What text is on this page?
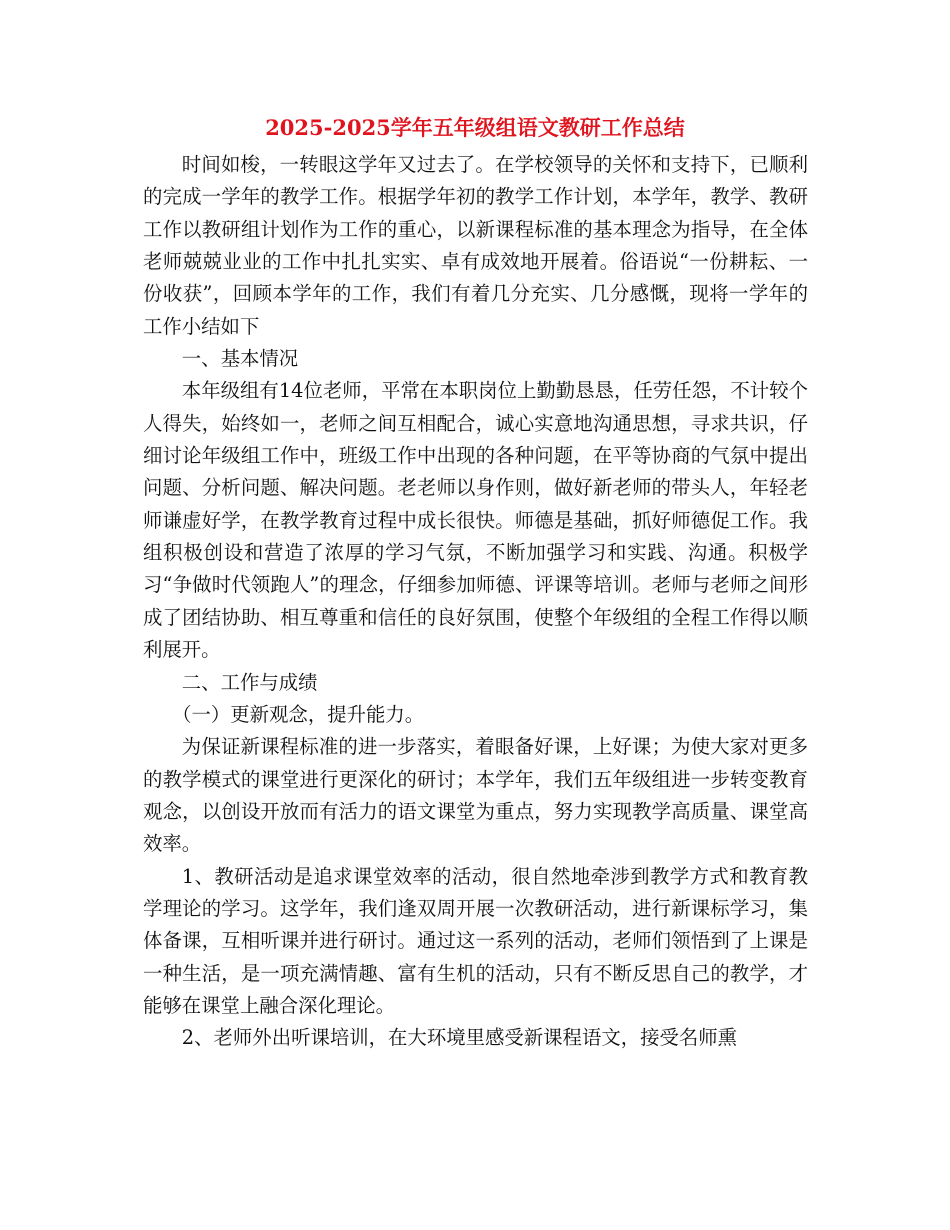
2025-2025学年五年级组语文教研工作总结

时间如梭，一转眼这学年又过去了。在学校领导的关怀和支持下，已顺利的完成一学年的教学工作。根据学年初的教学工作计划，本学年，教学、教研工作以教研组计划作为工作的重心，以新课程标准的基本理念为指导，在全体老师兢兢业业的工作中扎扎实实、卓有成效地开展着。俗语说“一份耕耘、一份收获”，回顾本学年的工作，我们有着几分充实、几分感慨，现将一学年的工作小结如下

一、基本情况

本年级组有14位老师，平常在本职岗位上勤勤恳恳，任劳任怨，不计较个人得失，始终如一，老师之间互相配合，诚心实意地沟通思想，寻求共识，仔细讨论年级组工作中，班级工作中出现的各种问题，在平等协商的气氛中提出问题、分析问题、解决问题。老老师以身作则，做好新老师的带头人，年轻老师谦虚好学，在教学教育过程中成长很快。师德是基础，抓好师德促工作。我组积极创设和营造了浓厚的学习气氛，不断加强学习和实践、沟通。积极学习“争做时代领跑人”的理念，仔细参加师德、评课等培训。老师与老师之间形成了团结协助、相互尊重和信任的良好氛围，使整个年级组的全程工作得以顺利展开。

二、工作与成绩

（一）更新观念，提升能力。

为保证新课程标准的进一步落实，着眼备好课，上好课；为使大家对更多的教学模式的课堂进行更深化的研讨；本学年，我们五年级组进一步转变教育观念，以创设开放而有活力的语文课堂为重点，努力实现教学高质量、课堂高效率。

1、教研活动是追求课堂效率的活动，很自然地牵涉到教学方式和教育教学理论的学习。这学年，我们逢双周开展一次教研活动，进行新课标学习，集体备课，互相听课并进行研讨。通过这一系列的活动，老师们领悟到了上课是一种生活，是一项充满情趣、富有生机的活动，只有不断反思自己的教学，才能够在课堂上融合深化理论。

2、老师外出听课培训，在大环境里感受新课程语文，接受名师熏
